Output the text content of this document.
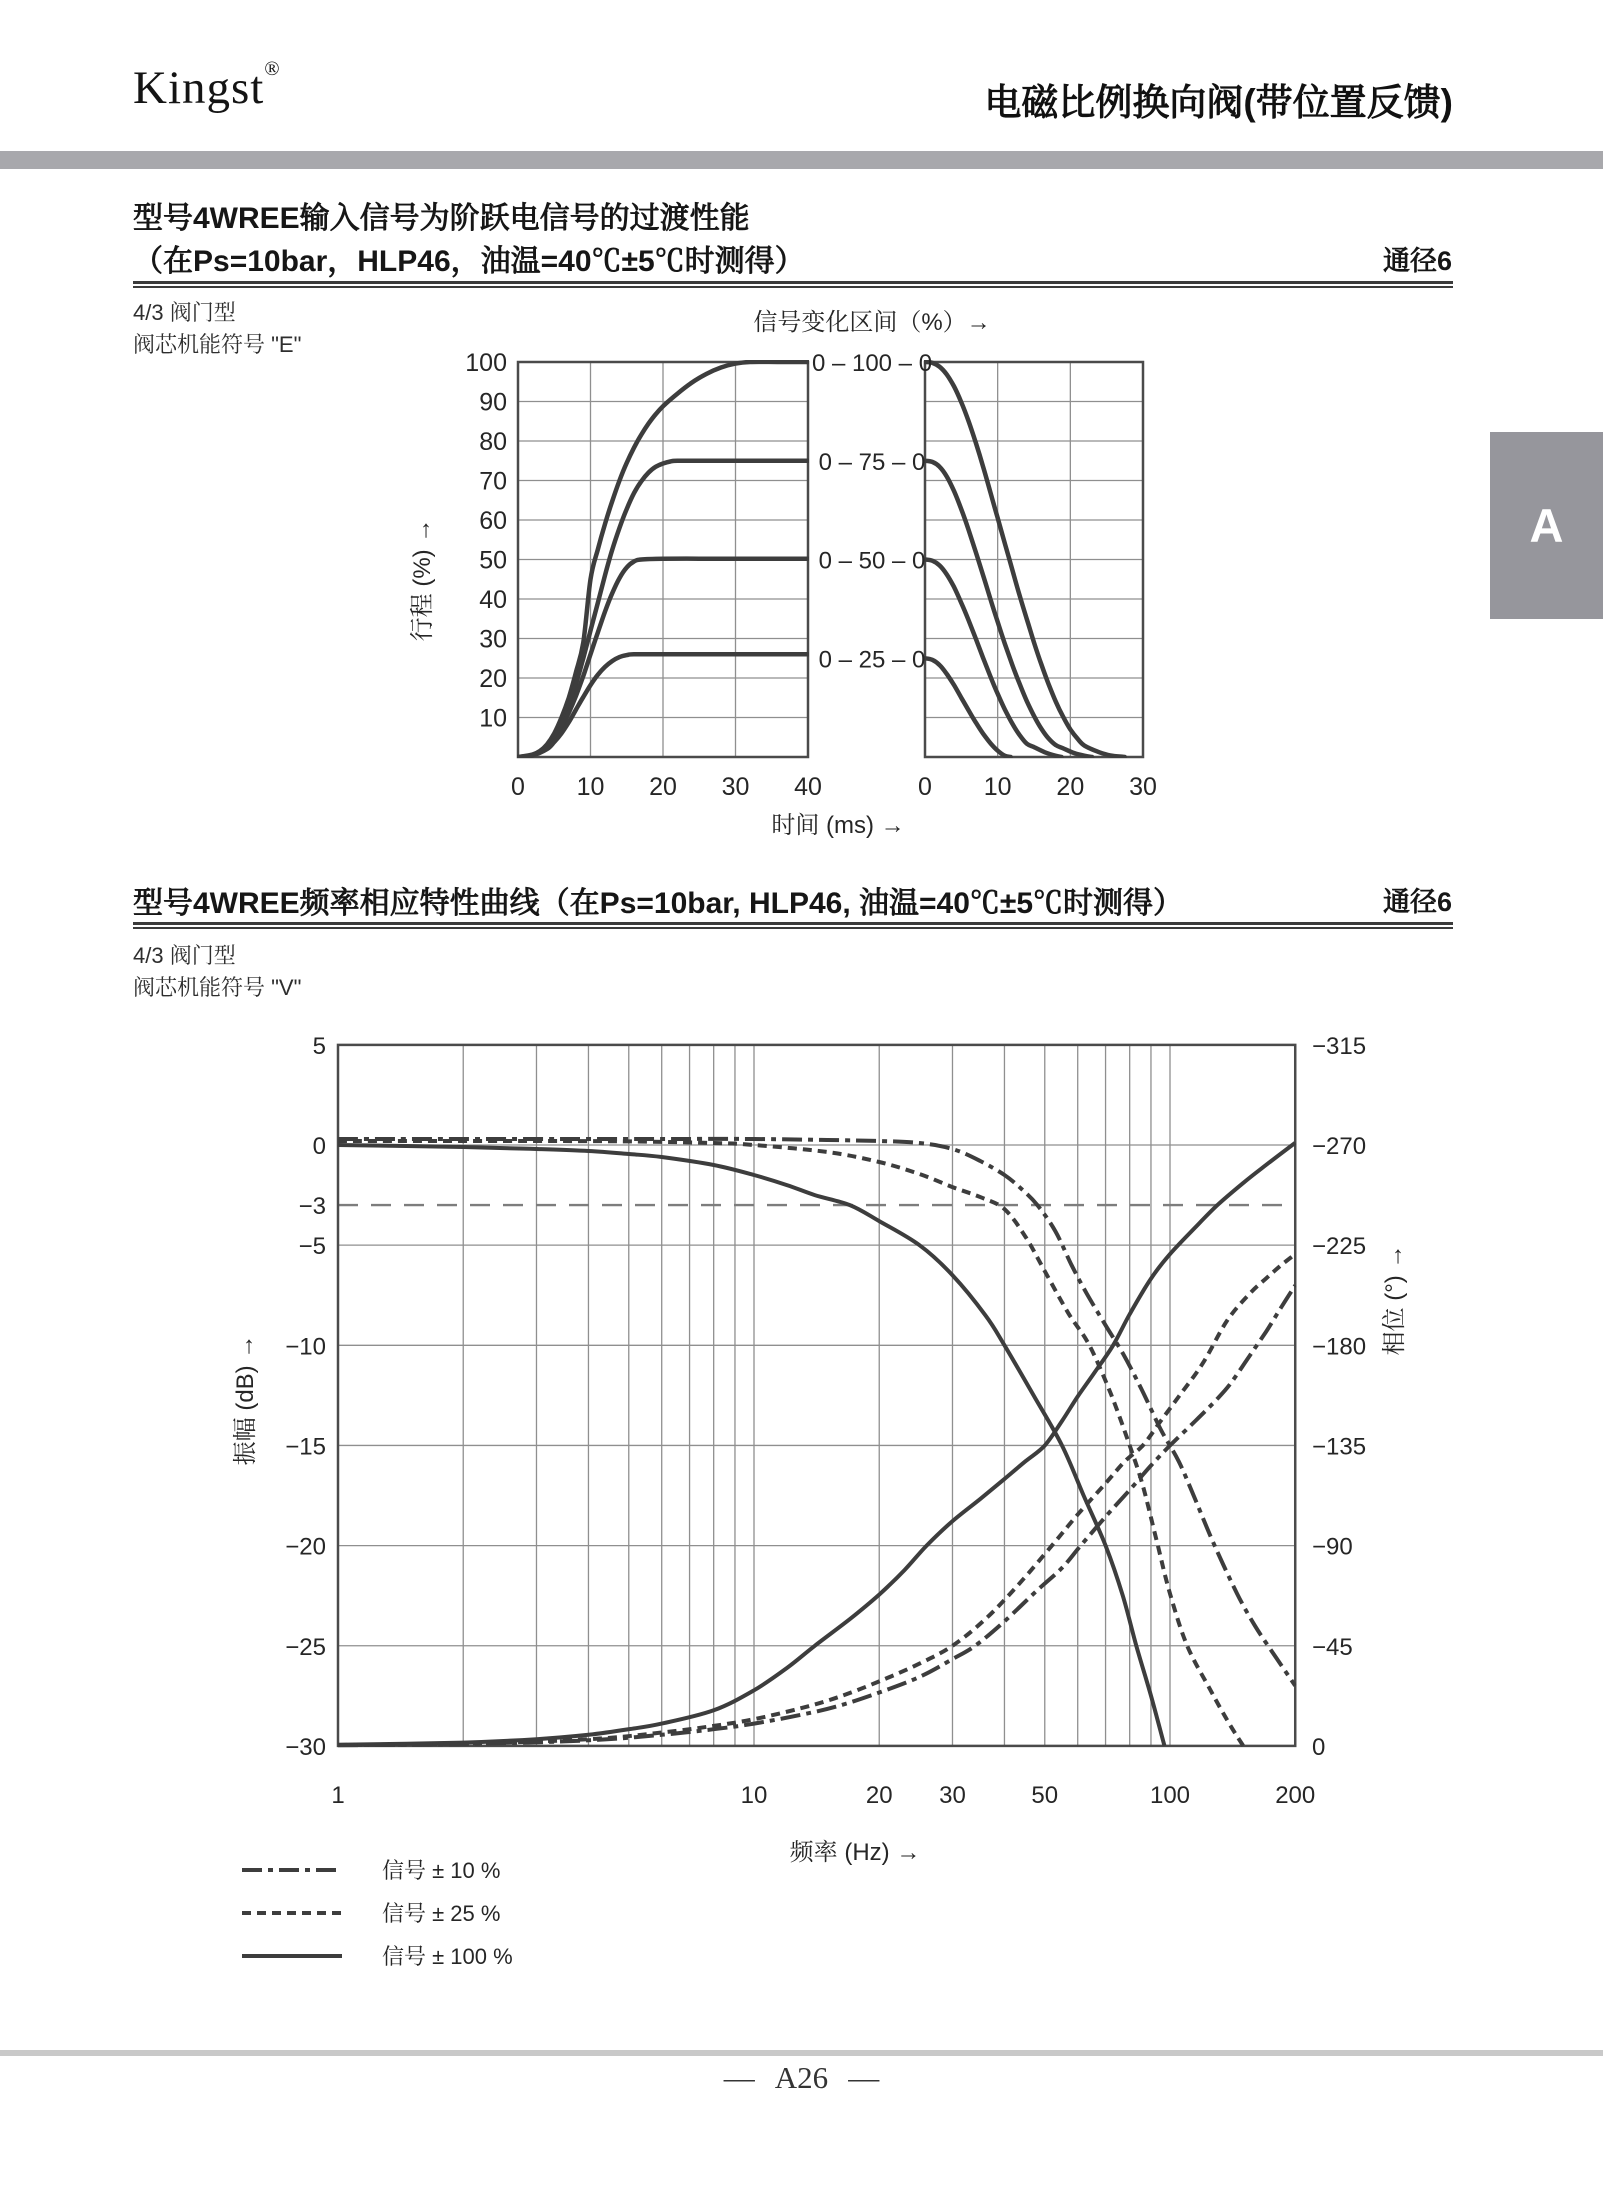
Kingst®
电磁比例换向阀(带位置反馈)
型号4WREE输入信号为阶跃电信号的过渡性能
（在Ps=10bar，HLP46，油温=40℃±5℃时测得）	通径6
4/3 阀门型
阀芯机能符号 "E"
A
0 10 20 30 40	0 10 20 30
100
90
80
70
60
50
40
30
20
10
0 – 100 – 0
0 – 75 – 0
0 – 50 – 0
0 – 25 – 0
信号变化区间（%）→
行程 (%) →
时间 (ms) →
型号4WREE频率相应特性曲线（在Ps=10bar, HLP46, 油温=40℃±5℃时测得）	通径6
4/3 阀门型
阀芯机能符号 "V"
5
0
−3
−5
−10
−15
−20
−25
−30
−315
−270
−225
−180
−135
−90
−45
0
1	10	20 30	50	100	200
振幅 (dB) →
相位 (°) →
频率 (Hz) →
信号 ± 10 %
信号 ± 25 %
信号 ± 100 %
— A26 —
